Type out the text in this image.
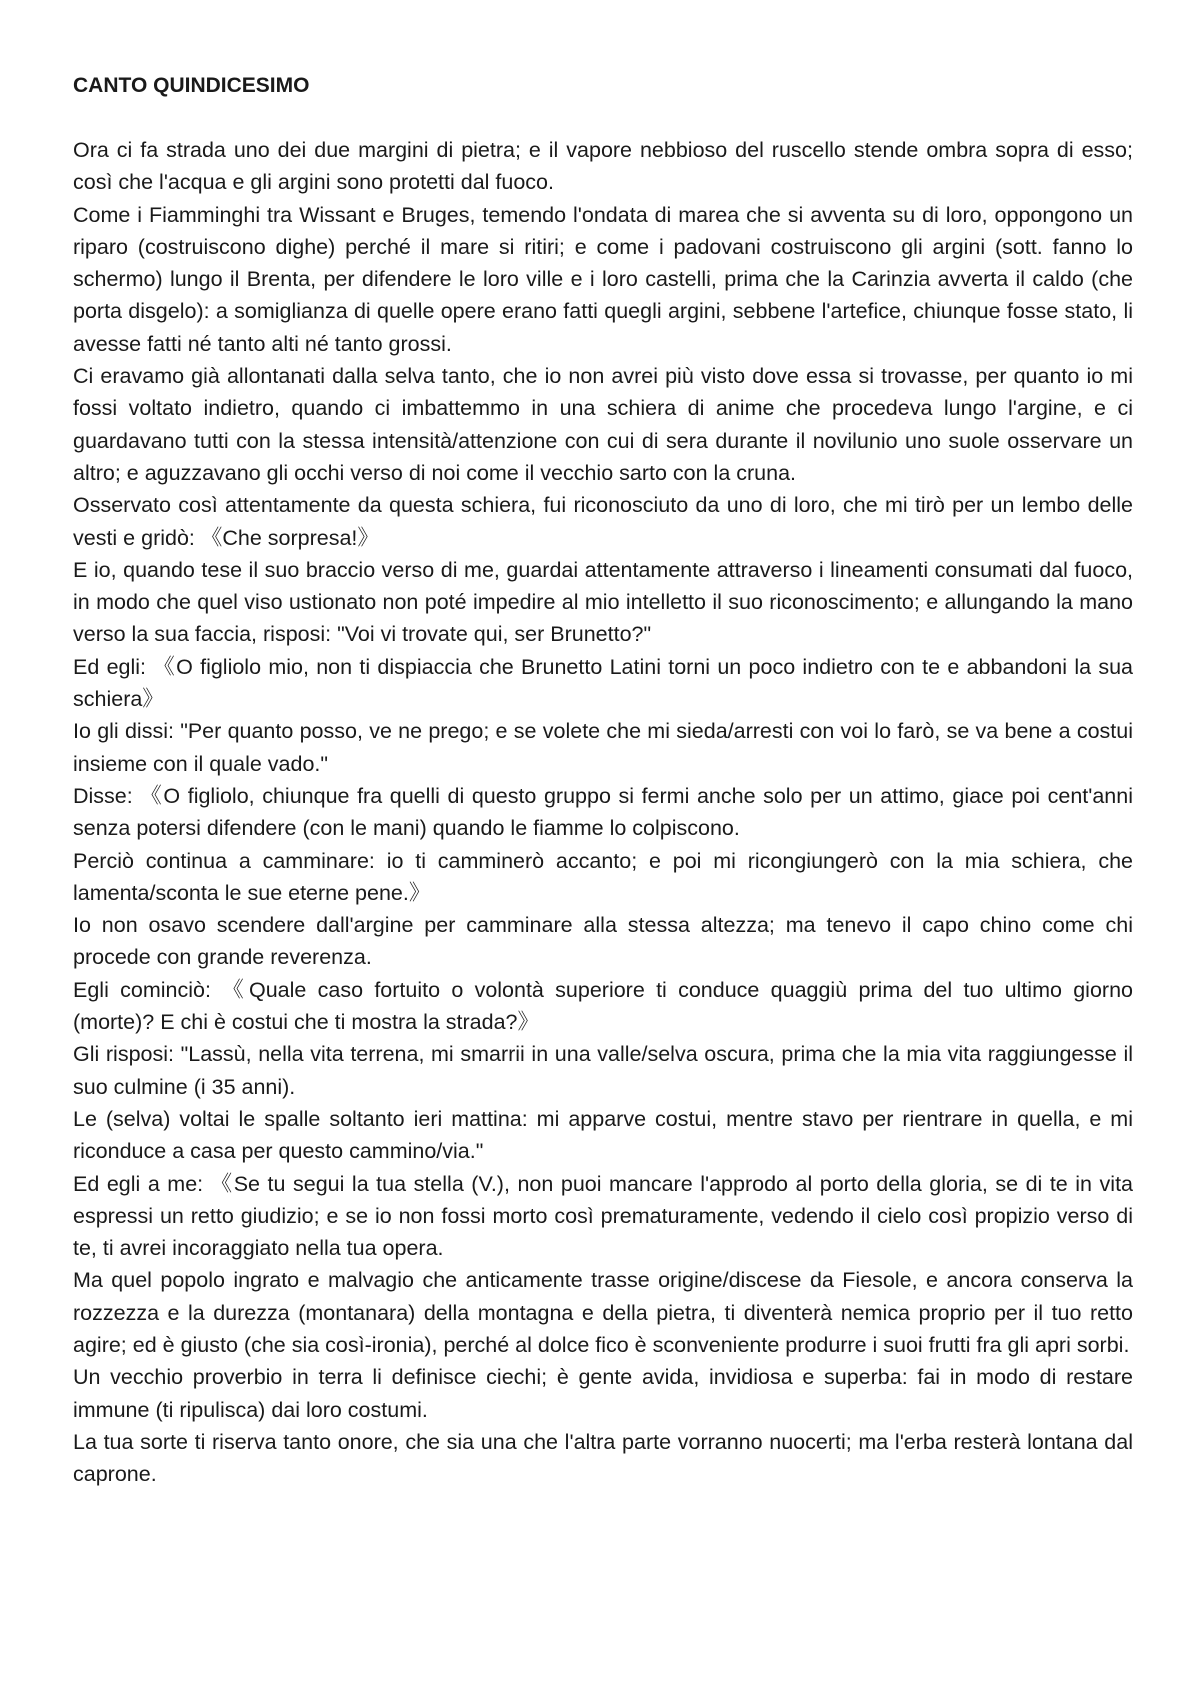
CANTO QUINDICESIMO

Ora ci fa strada uno dei due margini di pietra; e il vapore nebbioso del ruscello stende ombra sopra di esso; così che l'acqua e gli argini sono protetti dal fuoco.

Come i Fiamminghi tra Wissant e Bruges, temendo l'ondata di marea che si avventa su di loro, oppongono un riparo (costruiscono dighe) perché il mare si ritiri; e come i padovani costruiscono gli argini (sott. fanno lo schermo) lungo il Brenta, per difendere le loro ville e i loro castelli, prima che la Carinzia avverta il caldo (che porta disgelo): a somiglianza di quelle opere erano fatti quegli argini, sebbene l'artefice, chiunque fosse stato, li avesse fatti né tanto alti né tanto grossi.

Ci eravamo già allontanati dalla selva tanto, che io non avrei più visto dove essa si trovasse, per quanto io mi fossi voltato indietro, quando ci imbattemmo in una schiera di anime che procedeva lungo l'argine, e ci guardavano tutti con la stessa intensità/attenzione con cui di sera durante il novilunio uno suole osservare un altro; e aguzzavano gli occhi verso di noi come il vecchio sarto con la cruna.

Osservato così attentamente da questa schiera, fui riconosciuto da uno di loro, che mi tirò per un lembo delle vesti e gridò: 《Che sorpresa!》

E io, quando tese il suo braccio verso di me, guardai attentamente attraverso i lineamenti consumati dal fuoco, in modo che quel viso ustionato non poté impedire al mio intelletto il suo riconoscimento; e allungando la mano verso la sua faccia, risposi: "Voi vi trovate qui, ser Brunetto?"

Ed egli: 《O figliolo mio, non ti dispiaccia che Brunetto Latini torni un poco indietro con te e abbandoni la sua schiera》

Io gli dissi: "Per quanto posso, ve ne prego; e se volete che mi sieda/arresti con voi lo farò, se va bene a costui insieme con il quale vado."

Disse: 《O figliolo, chiunque fra quelli di questo gruppo si fermi anche solo per un attimo, giace poi cent'anni senza potersi difendere (con le mani) quando le fiamme lo colpiscono.

Perciò continua a camminare: io ti camminerò accanto; e poi mi ricongiungerò con la mia schiera, che lamenta/sconta le sue eterne pene.》

Io non osavo scendere dall'argine per camminare alla stessa altezza; ma tenevo il capo chino come chi procede con grande reverenza.

Egli cominciò: 《Quale caso fortuito o volontà superiore ti conduce quaggiù prima del tuo ultimo giorno (morte)? E chi è costui che ti mostra la strada?》

Gli risposi: "Lassù, nella vita terrena, mi smarrii in una valle/selva oscura, prima che la mia vita raggiungesse il suo culmine (i 35 anni).

Le (selva) voltai le spalle soltanto ieri mattina: mi apparve costui, mentre stavo per rientrare in quella, e mi riconduce a casa per questo cammino/via."

Ed egli a me: 《Se tu segui la tua stella (V.), non puoi mancare l'approdo al porto della gloria, se di te in vita espressi un retto giudizio; e se io non fossi morto così prematuramente, vedendo il cielo così propizio verso di te, ti avrei incoraggiato nella tua opera.

Ma quel popolo ingrato e malvagio che anticamente trasse origine/discese da Fiesole, e ancora conserva la rozzezza e la durezza (montanara) della montagna e della pietra, ti diventerà nemica proprio per il tuo retto agire; ed è giusto (che sia così-ironia), perché al dolce fico è sconveniente produrre i suoi frutti fra gli apri sorbi.

Un vecchio proverbio in terra li definisce ciechi; è gente avida, invidiosa e superba: fai in modo di restare immune (ti ripulisca) dai loro costumi.

La tua sorte ti riserva tanto onore, che sia una che l'altra parte vorranno nuocerti; ma l'erba resterà lontana dal caprone.
